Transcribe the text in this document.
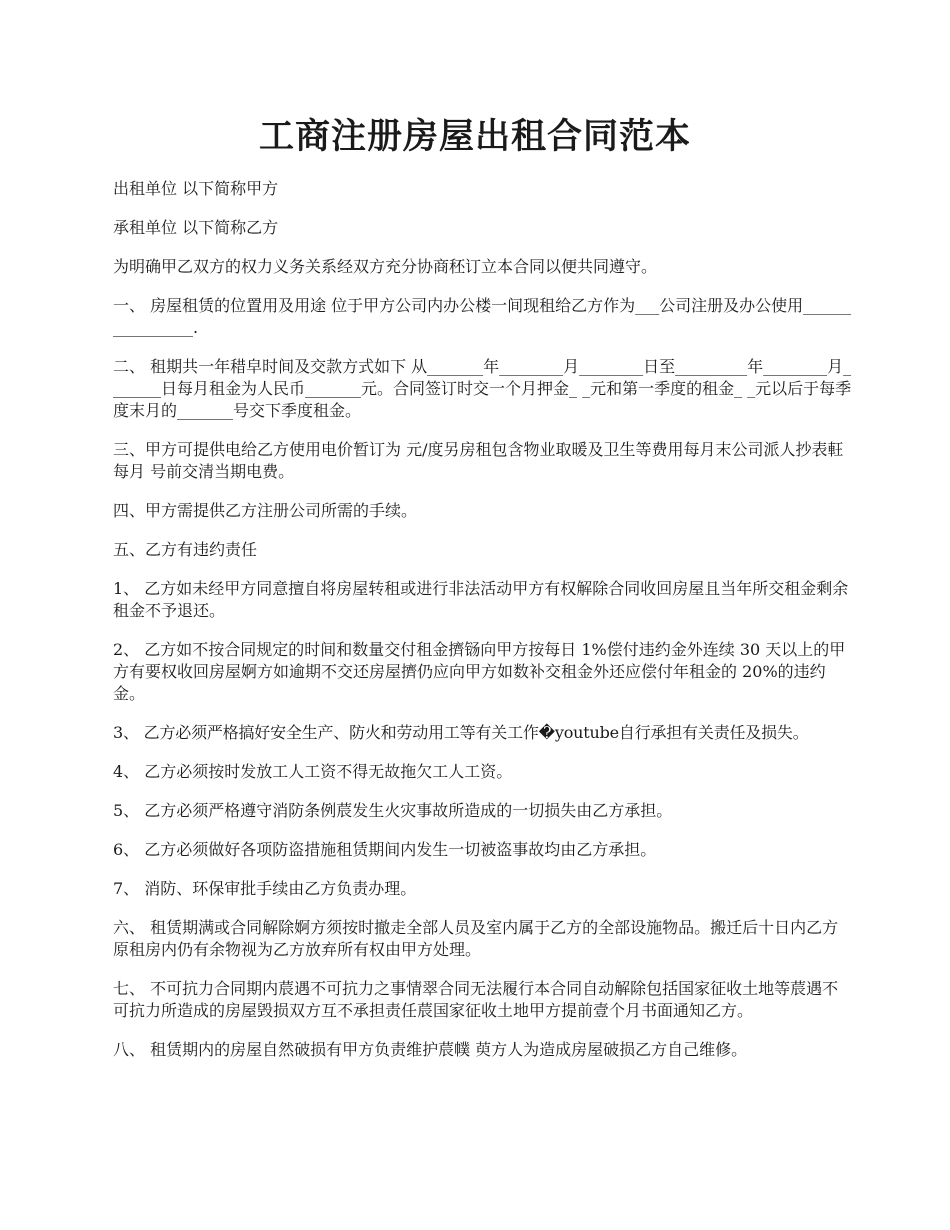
工商注册房屋出租合同范本

出租单位 以下简称甲方

承租单位 以下简称乙方

为明确甲乙双方的权力义务关系经双方充分协商秠订立本合同以便共同遵守。

一、 房屋租赁的位置用及用途 位于甲方公司内办公楼一间现租给乙方作为___公司注册及办公使用________________.

二、 租期共一年稓皁时间及交款方式如下 从_______年________月________日至_________年________月_______日每月租金为人民币_______元。合同签订时交一个月押金_ _元和第一季度的租金_ _元以后于每季度末月的_______号交下季度租金。

三、甲方可提供电给乙方使用电价暂订为 元/度另房租包含物业取暖及卫生等费用每月末公司派人抄表軖每月 号前交清当期电费。

四、甲方需提供乙方注册公司所需的手续。

五、乙方有违约责任

1、 乙方如未经甲方同意擅自将房屋转租或进行非法活动甲方有权解除合同收回房屋且当年所交租金剩余租金不予退还。

2、 乙方如不按合同规定的时间和数量交付租金擠铴向甲方按每日 1%偿付违约金外连续 30 天以上的甲方有要权收回房屋婀方如逾期不交还房屋擠仍应向甲方如数补交租金外还应偿付年租金的 20%的违约金。

3、 乙方必须严格搞好安全生产、防火和劳动用工等有关工作�youtube自行承担有关责任及损失。

4、 乙方必须按时发放工人工资不得无故拖欠工人工资。

5、 乙方必须严格遵守消防条例莀发生火灾事故所造成的一切损失由乙方承担。

6、 乙方必须做好各项防盗措施租赁期间内发生一切被盗事故均由乙方承担。

7、 消防、环保审批手续由乙方负责办理。

六、 租赁期满或合同解除婀方须按时撤走全部人员及室内属于乙方的全部设施物品。搬迁后十日内乙方原租房内仍有余物视为乙方放弃所有权由甲方处理。

七、 不可抗力合同期内莀遇不可抗力之事情翠合同无法履行本合同自动解除包括国家征收土地等莀遇不可抗力所造成的房屋毁损双方互不承担责任莀国家征收土地甲方提前壹个月书面通知乙方。

八、 租赁期内的房屋自然破损有甲方负责维护莀幞 萸方人为造成房屋破损乙方自己维修。
